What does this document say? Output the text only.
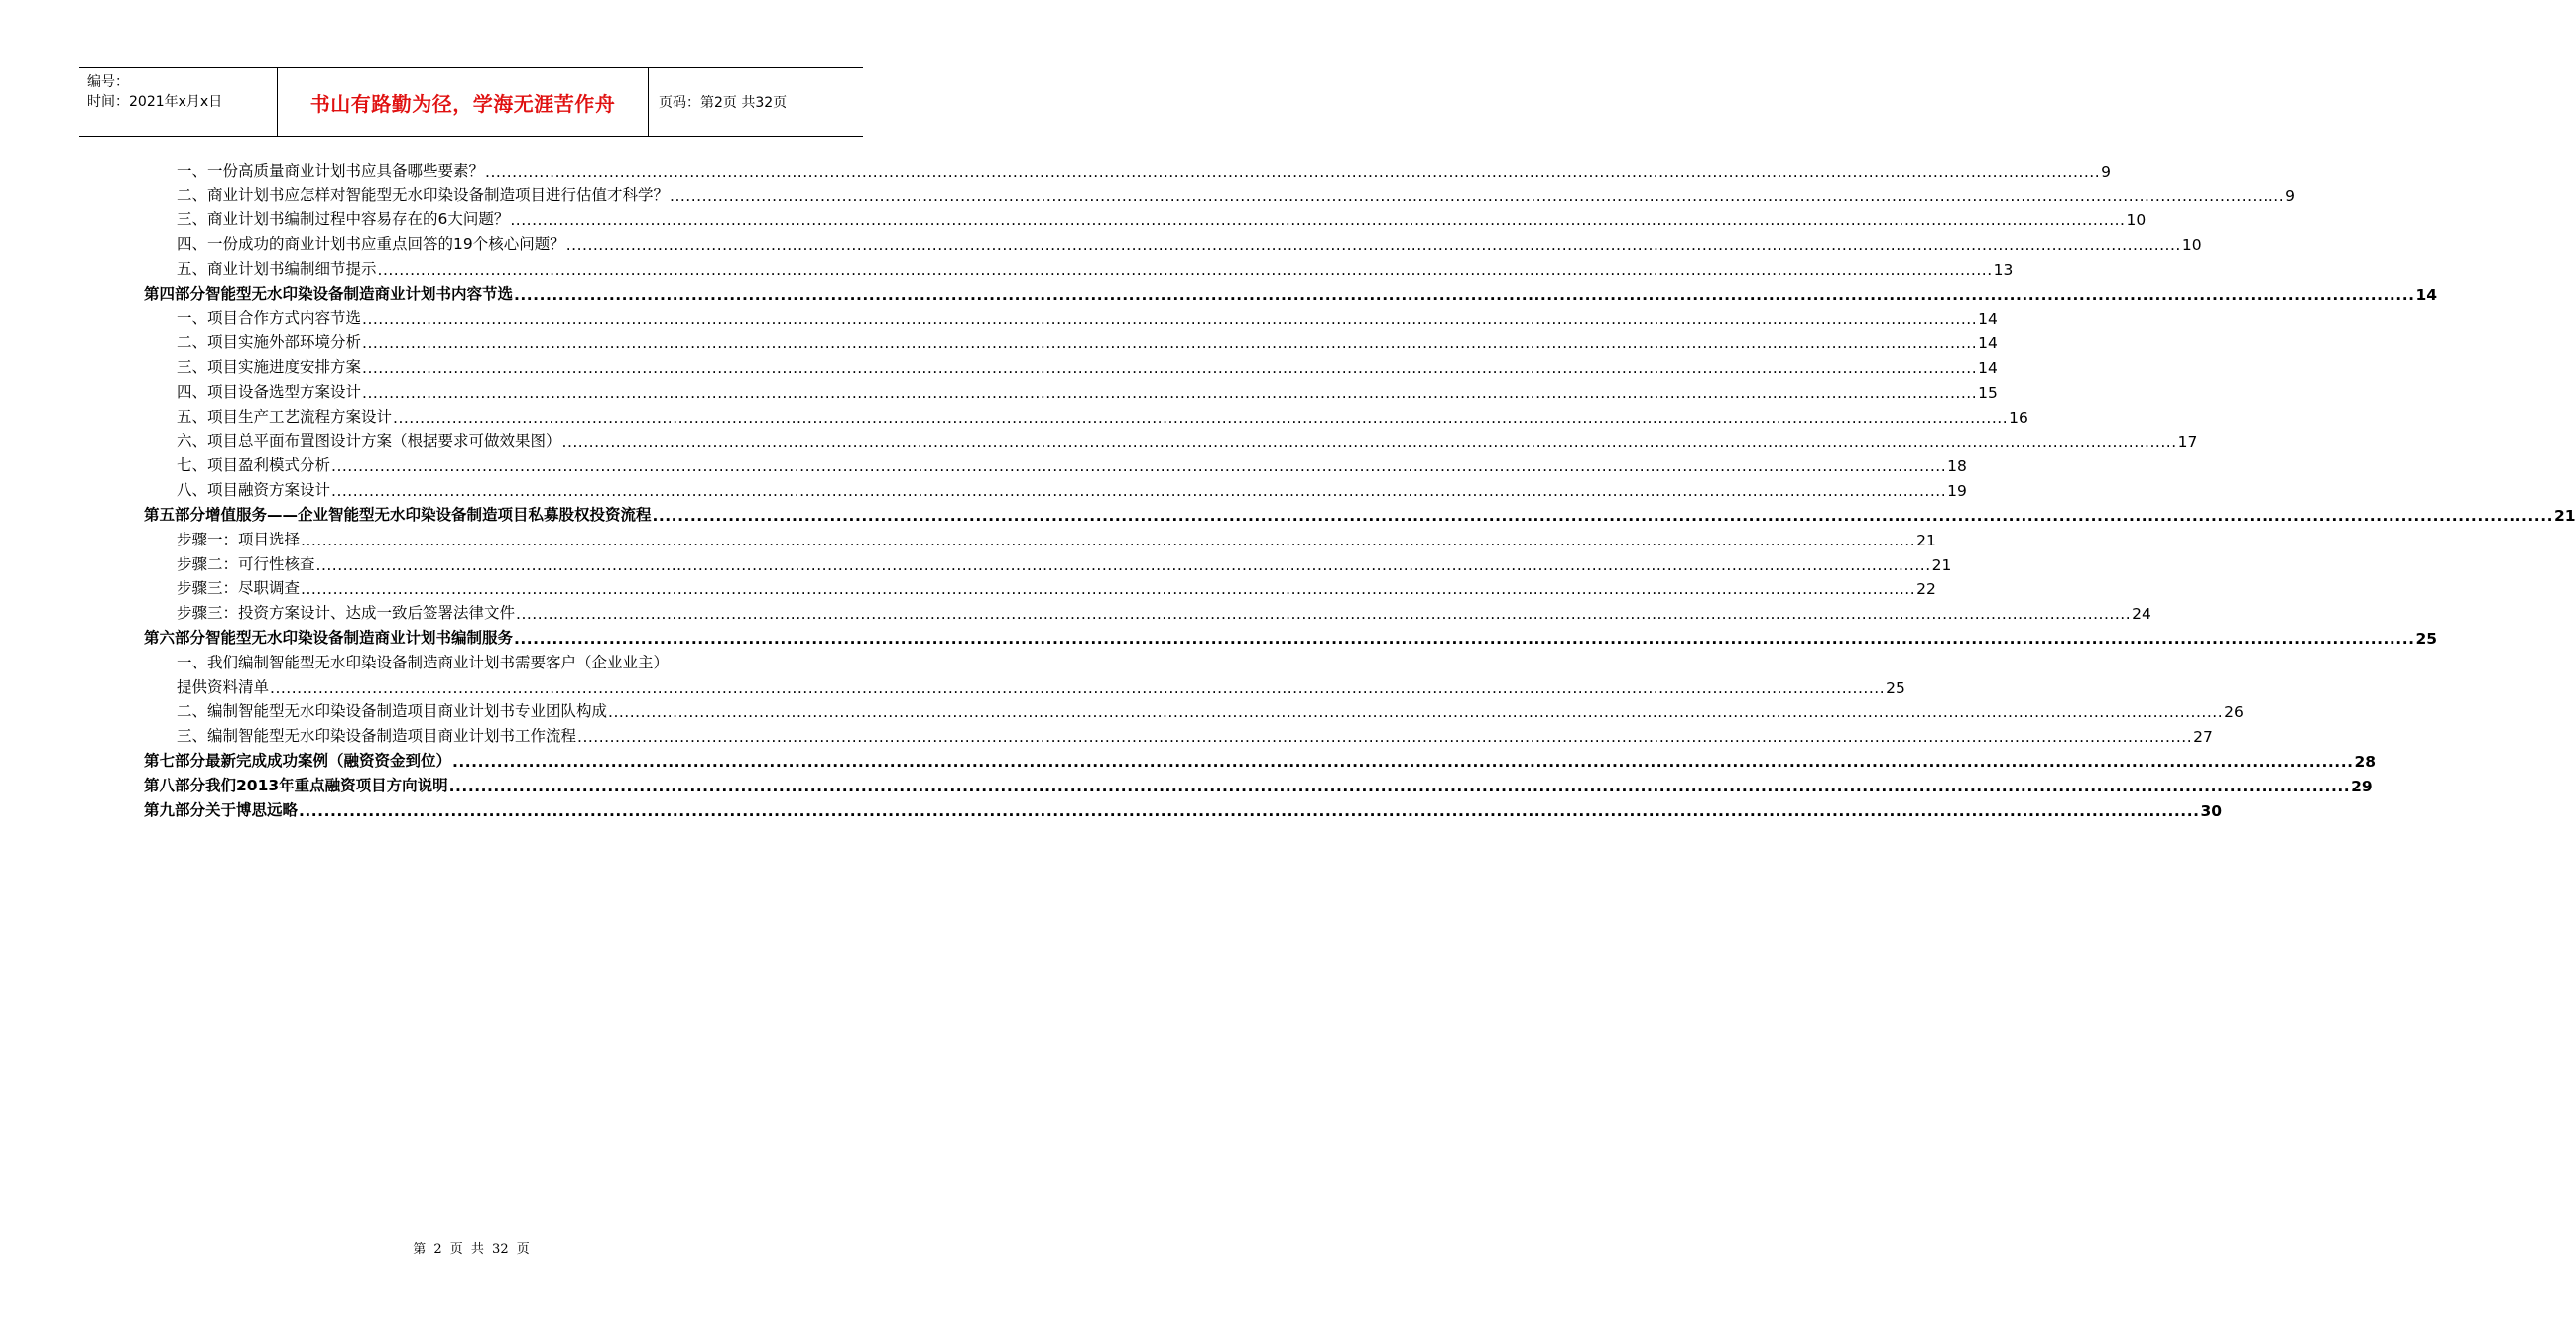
编号：
时间：2021年x月x日	书山有路勤为径，学海无涯苦作舟	页码：第2页 共32页
一、一份高质量商业计划书应具备哪些要素？ ............................................................................................................................................................................................................................................................................................................ 9
二、商业计划书应怎样对智能型无水印染设备制造项目进行估值才科学？ ............................................................................................................................................................................................................................................................................................................ 9
三、商业计划书编制过程中容易存在的6大问题？ ............................................................................................................................................................................................................................................................................................................ 10
四、一份成功的商业计划书应重点回答的19个核心问题？ ............................................................................................................................................................................................................................................................................................................ 10
五、商业计划书编制细节提示 ............................................................................................................................................................................................................................................................................................................ 13
第四部分智能型无水印染设备制造商业计划书内容节选 ............................................................................................................................................................................................................................................................................................................ 14
一、项目合作方式内容节选 ............................................................................................................................................................................................................................................................................................................ 14
二、项目实施外部环境分析 ............................................................................................................................................................................................................................................................................................................ 14
三、项目实施进度安排方案 ............................................................................................................................................................................................................................................................................................................ 14
四、项目设备选型方案设计 ............................................................................................................................................................................................................................................................................................................ 15
五、项目生产工艺流程方案设计 ............................................................................................................................................................................................................................................................................................................ 16
六、项目总平面布置图设计方案（根据要求可做效果图） ............................................................................................................................................................................................................................................................................................................ 17
七、项目盈利模式分析 ............................................................................................................................................................................................................................................................................................................ 18
八、项目融资方案设计 ............................................................................................................................................................................................................................................................................................................ 19
第五部分增值服务——企业智能型无水印染设备制造项目私募股权投资流程 ............................................................................................................................................................................................................................................................................................................ 21
步骤一：项目选择 ............................................................................................................................................................................................................................................................................................................ 21
步骤二：可行性核查 ............................................................................................................................................................................................................................................................................................................ 21
步骤三：尽职调查 ............................................................................................................................................................................................................................................................................................................ 22
步骤三：投资方案设计、达成一致后签署法律文件 ............................................................................................................................................................................................................................................................................................................ 24
第六部分智能型无水印染设备制造商业计划书编制服务 ............................................................................................................................................................................................................................................................................................................ 25
一、我们编制智能型无水印染设备制造商业计划书需要客户（企业业主）
提供资料清单 ............................................................................................................................................................................................................................................................................................................ 25
二、编制智能型无水印染设备制造项目商业计划书专业团队构成 ............................................................................................................................................................................................................................................................................................................ 26
三、编制智能型无水印染设备制造项目商业计划书工作流程 ............................................................................................................................................................................................................................................................................................................ 27
第七部分最新完成成功案例（融资资金到位） ............................................................................................................................................................................................................................................................................................................ 28
第八部分我们2013年重点融资项目方向说明 ............................................................................................................................................................................................................................................................................................................ 29
第九部分关于博思远略 ............................................................................................................................................................................................................................................................................................................ 30
第 2 页 共 32 页
